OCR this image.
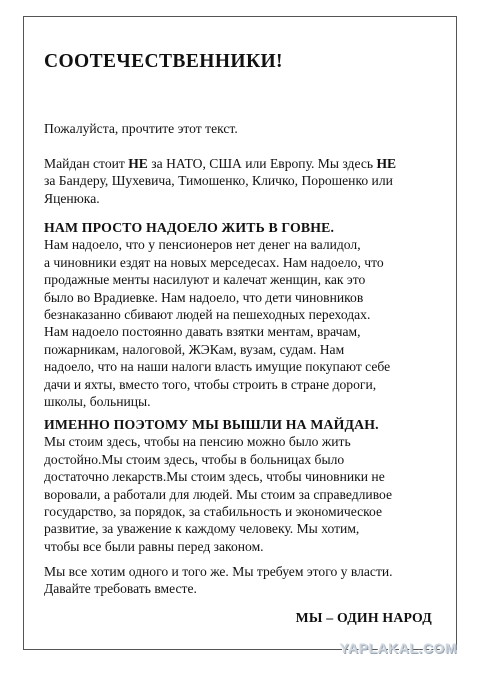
СООТЕЧЕСТВЕННИКИ!

Пожалуйста, прочтите этот текст.

Майдан стоит НЕ за НАТО, США или Европу. Мы здесь НЕ
за Бандеру, Шухевича, Тимошенко, Кличко, Порошенко или
Яценюка.

НАМ ПРОСТО НАДОЕЛО ЖИТЬ В ГОВНЕ.
Нам надоело, что у пенсионеров нет денег на валидол,
а чиновники ездят на новых мерседесах. Нам надоело, что
продажные менты насилуют и калечат женщин, как это
было во Врадиевке. Нам надоело, что дети чиновников
безнаказанно сбивают людей на пешеходных переходах.
Нам надоело постоянно давать взятки ментам, врачам,
пожарникам, налоговой, ЖЭКам, вузам, судам. Нам
надоело, что на наши налоги власть имущие покупают себе
дачи и яхты, вместо того, чтобы строить в стране дороги,
школы, больницы.

ИМЕННО ПОЭТОМУ МЫ ВЫШЛИ НА МАЙДАН.
Мы стоим здесь, чтобы на пенсию можно было жить
достойно.Мы стоим здесь, чтобы в больницах было
достаточно лекарств.Мы стоим здесь, чтобы чиновники не
воровали, а работали для людей. Мы стоим за справедливое
государство, за порядок, за стабильность и экономическое
развитие, за уважение к каждому человеку. Мы хотим,
чтобы все были равны перед законом.

Мы все хотим одного и того же. Мы требуем этого у власти.
Давайте требовать вместе.

МЫ – ОДИН НАРОД

YAPLAKAL.COM
